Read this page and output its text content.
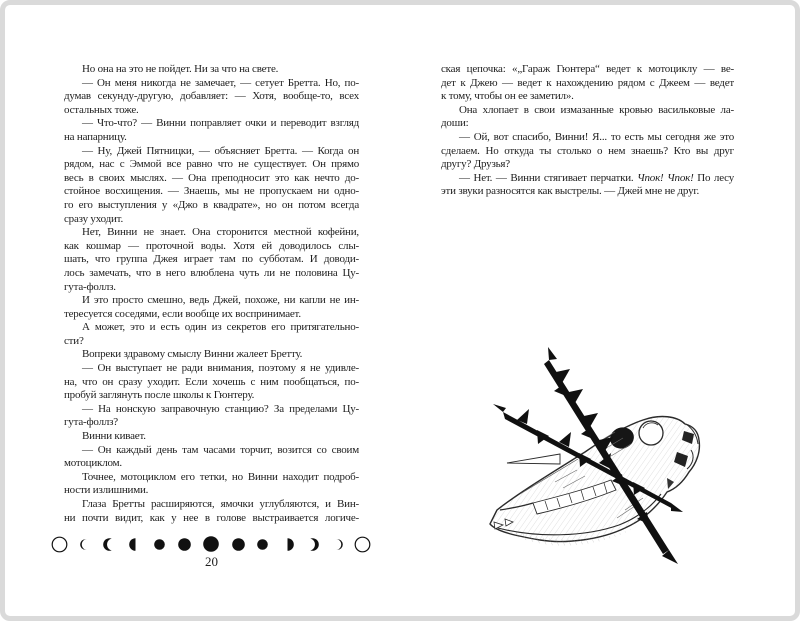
Но она на это не пойдет. Ни за что на свете.
— Он меня никогда не замечает, — сетует Бретта. Но, по-
думав секунду-другую, добавляет: — Хотя, вообще-то, всех
остальных тоже.
— Что-что? — Винни поправляет очки и переводит взгляд
на напарницу.
— Ну, Джей Пятницки, — объясняет Бретта. — Когда он
рядом, нас с Эммой все равно что не существует. Он прямо
весь в своих мыслях. — Она преподносит это как нечто до-
стойное восхищения. — Знаешь, мы не пропускаем ни одно-
го его выступления у «Джо в квадрате», но он потом всегда
сразу уходит.
Нет, Винни не знает. Она сторонится местной кофейни,
как кошмар — проточной воды. Хотя ей доводилось слы-
шать, что группа Джея играет там по субботам. И доводи-
лось замечать, что в него влюблена чуть ли не половина Цу-
гута-фоллз.
И это просто смешно, ведь Джей, похоже, ни капли не ин-
тересуется соседями, если вообще их воспринимает.
А может, это и есть один из секретов его притягательно-
сти?
Вопреки здравому смыслу Винни жалеет Бретту.
— Он выступает не ради внимания, поэтому я не удивле-
на, что он сразу уходит. Если хочешь с ним пообщаться, по-
пробуй заглянуть после школы к Гюнтеру.
— На нонскую заправочную станцию? За пределами Цу-
гута-фоллз?
Винни кивает.
— Он каждый день там часами торчит, возится со своим
мотоциклом.
Точнее, мотоциклом его тетки, но Винни находит подроб-
ности излишними.
Глаза Бретты расширяются, ямочки углубляются, и Вин-
ни почти видит, как у нее в голове выстраивается логиче-
ская цепочка: «„Гараж Гюнтера“ ведет к мотоциклу — ве-
дет к Джею — ведет к нахождению рядом с Джеем — ведет
к тому, чтобы он ее заметил».
Она хлопает в свои измазанные кровью васильковые ла-
доши:
— Ой, вот спасибо, Винни! Я... то есть мы сегодня же это
сделаем. Но откуда ты столько о нем знаешь? Кто вы друг
другу? Друзья?
— Нет. — Винни стягивает перчатки. Чпок! Чпок! По лесу
эти звуки разносятся как выстрелы. — Джей мне не друг.
20
